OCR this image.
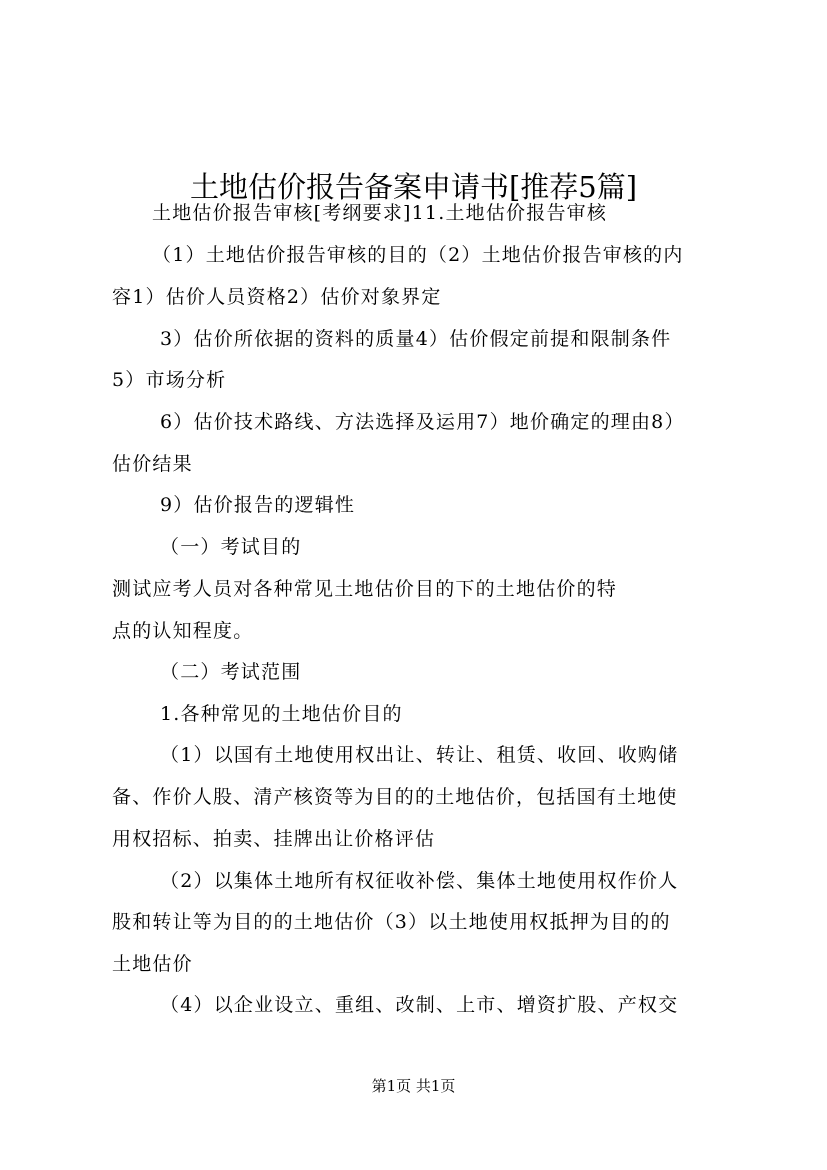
土地估价报告备案申请书[推荐5篇]
土地估价报告审核[考纲要求]11.土地估价报告审核
（1）土地估价报告审核的目的（2）土地估价报告审核的内
容1）估价人员资格2）估价对象界定
3）估价所依据的资料的质量4）估价假定前提和限制条件
5）市场分析
6）估价技术路线、方法选择及运用7）地价确定的理由8）
估价结果
9）估价报告的逻辑性
（一）考试目的
测试应考人员对各种常见土地估价目的下的土地估价的特
点的认知程度。
（二）考试范围
1.各种常见的土地估价目的
（1）以国有土地使用权出让、转让、租赁、收回、收购储
备、作价人股、清产核资等为目的的土地估价，包括国有土地使
用权招标、拍卖、挂牌出让价格评估
（2）以集体土地所有权征收补偿、集体土地使用权作价人
股和转让等为目的的土地估价（3）以土地使用权抵押为目的的
土地估价
（4）以企业设立、重组、改制、上市、增资扩股、产权交
第1页 共1页
